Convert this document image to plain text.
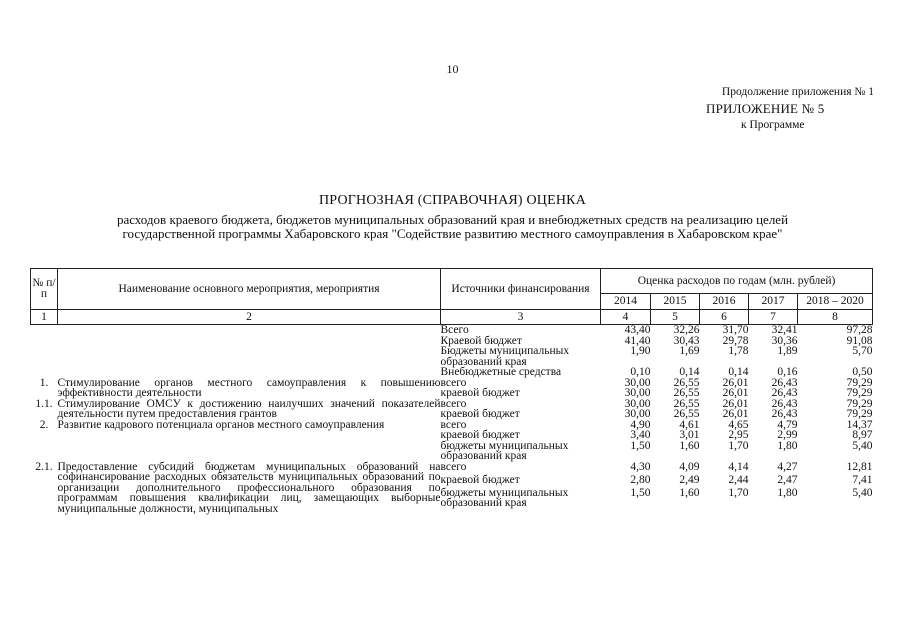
10
Продолжение приложения № 1
ПРИЛОЖЕНИЕ № 5
к Программе
ПРОГНОЗНАЯ (СПРАВОЧНАЯ) ОЦЕНКА
расходов краевого бюджета, бюджетов муниципальных образований края и внебюджетных средств на реализацию целей
государственной программы Хабаровского края "Содействие развитию местного самоуправления в Хабаровском крае"
№ п/п	Наименование основного мероприятия, мероприятия	Источники финансирования	Оценка расходов по годам (млн. рублей)				
			2014	2015	2016	2017	2018 – 2020
1	2	3	4	5	6	7	8
		Всего	43,40	32,26	31,70	32,41	97,28
		Краевой бюджет	41,40	30,43	29,78	30,36	91,08
		Бюджеты муниципальных образований края	1,90	1,69	1,78	1,89	5,70
		Внебюджетные средства	0,10	0,14	0,14	0,16	0,50
1.	Стимулирование органов местного самоуправления к повышению эффективности деятельности	всего	30,00	26,55	26,01	26,43	79,29
		краевой бюджет	30,00	26,55	26,01	26,43	79,29
1.1.	Стимулирование ОМСУ к достижению наилучших значений показателей деятельности путем предоставления грантов	всего	30,00	26,55	26,01	26,43	79,29
		краевой бюджет	30,00	26,55	26,01	26,43	79,29
2.	Развитие кадрового потенциала органов местного самоуправления	всего	4,90	4,61	4,65	4,79	14,37
		краевой бюджет	3,40	3,01	2,95	2,99	8,97
		бюджеты муниципальных образований края	1,50	1,60	1,70	1,80	5,40
2.1.	Предоставление субсидий бюджетам муниципальных образований на софинансирование расходных обязательств муниципальных образований по организации дополнительного профессионального образования по программам повышения квалификации лиц, замещающих выборные муниципальные должности, муниципальных	всего	4,30	4,09	4,14	4,27	12,81
		краевой бюджет	2,80	2,49	2,44	2,47	7,41
		бюджеты муниципальных образований края	1,50	1,60	1,70	1,80	5,40
